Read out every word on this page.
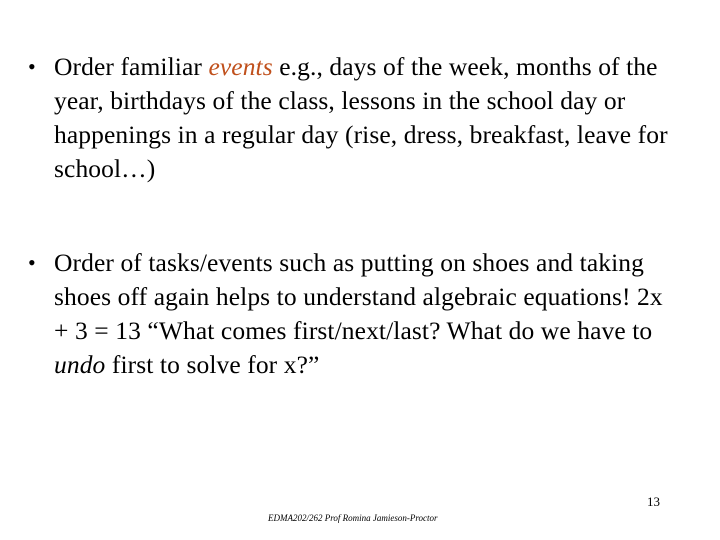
• Order familiar events e.g., days of the week, months of the year, birthdays of the class, lessons in the school day or happenings in a regular day (rise, dress, breakfast, leave for school…)
• Order of tasks/events such as putting on shoes and taking shoes off again helps to understand algebraic equations! 2x + 3 = 13 “What comes first/next/last? What do we have to undo first to solve for x?”
13
EDMA202/262 Prof Romina Jamieson-Proctor
